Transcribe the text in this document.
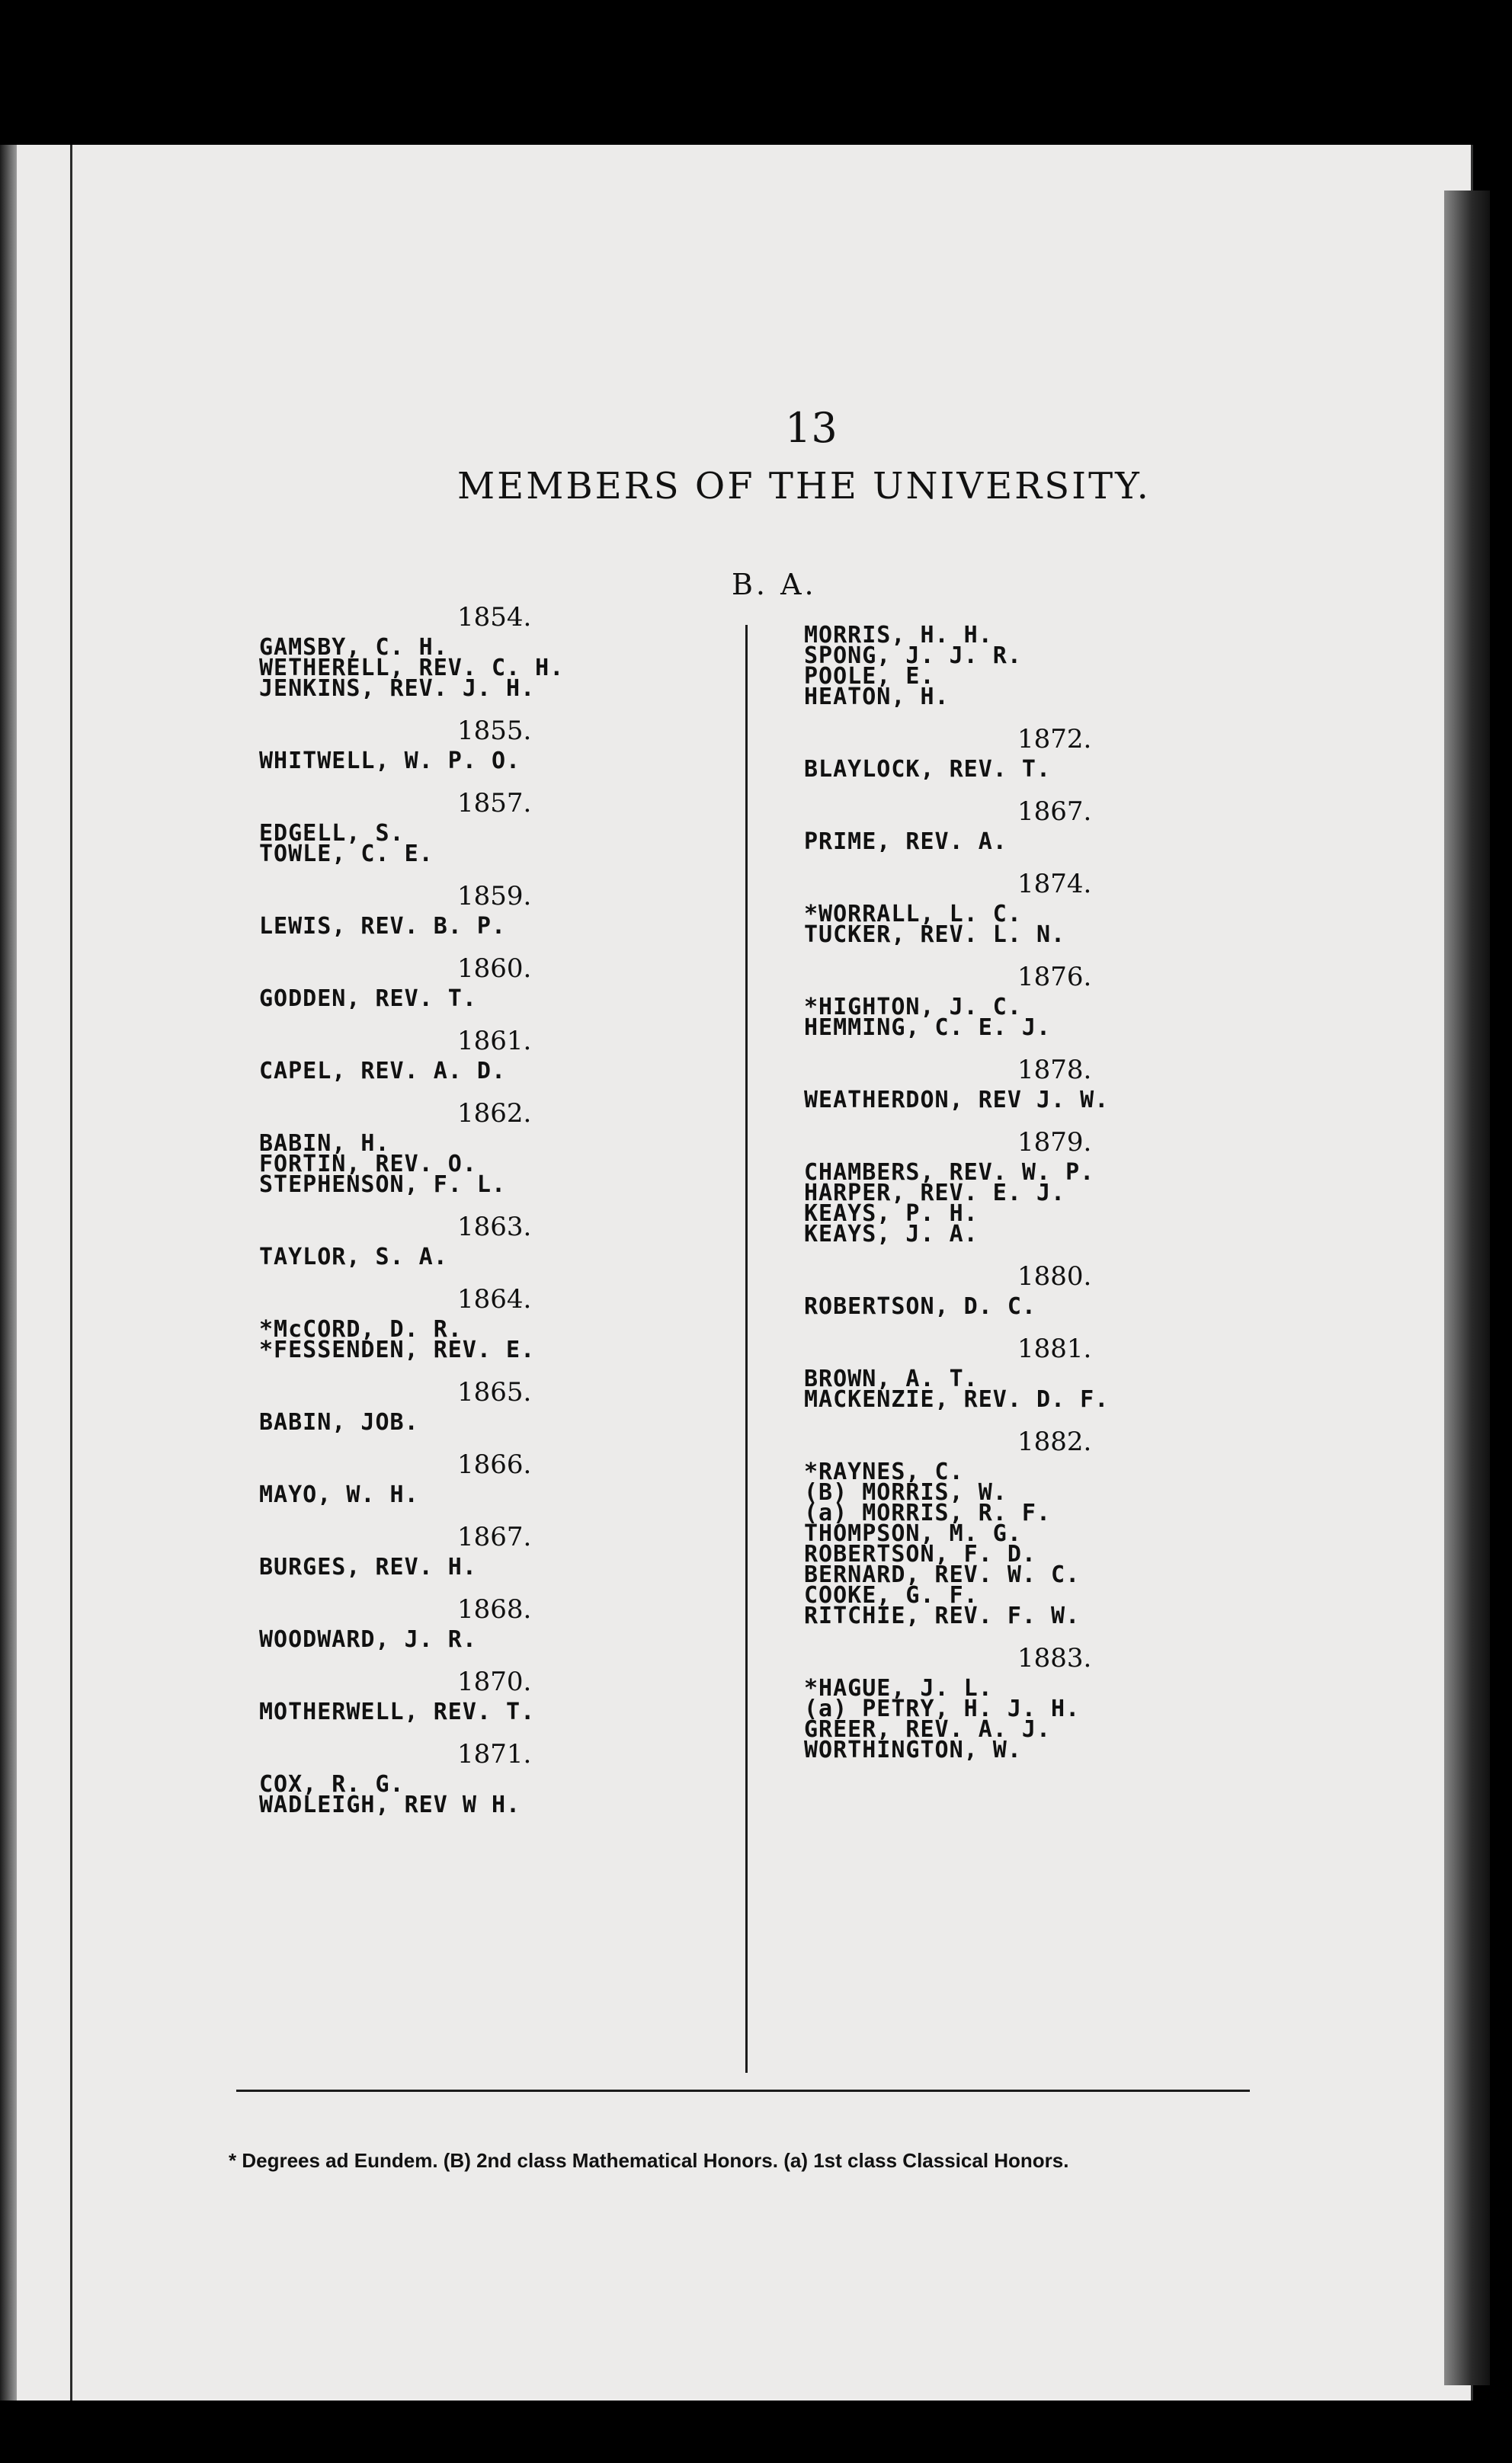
13
MEMBERS OF THE UNIVERSITY.
B. A.
1854.
GAMSBY, C. H.
WETHERELL, REV. C. H.
JENKINS, REV. J. H.
1855.
WHITWELL, W. P. O.
1857.
EDGELL, S.
TOWLE, C. E.
1859.
LEWIS, REV. B. P.
1860.
GODDEN, REV. T.
1861.
CAPEL, REV. A. D.
1862.
BABIN, H.
FORTIN, REV. O.
STEPHENSON, F. L.
1863.
TAYLOR, S. A.
1864.
*McCORD, D. R.
*FESSENDEN, REV. E.
1865.
BABIN, JOB.
1866.
MAYO, W. H.
1867.
BURGES, REV. H.
1868.
WOODWARD, J. R.
1870.
MOTHERWELL, REV. T.
1871.
COX, R. G.
WADLEIGH, REV W H.
MORRIS, H. H.
SPONG, J. J. R.
POOLE, E.
HEATON, H.
1872.
BLAYLOCK, REV. T.
1867.
PRIME, REV. A.
1874.
*WORRALL, L. C.
TUCKER, REV. L. N.
1876.
*HIGHTON, J. C.
HEMMING, C. E. J.
1878.
WEATHERDON, REV J. W.
1879.
CHAMBERS, REV. W. P.
HARPER, REV. E. J.
KEAYS, P. H.
KEAYS, J. A.
1880.
ROBERTSON, D. C.
1881.
BROWN, A. T.
MACKENZIE, REV. D. F.
1882.
*RAYNES, C.
(B) MORRIS, W.
(a) MORRIS, R. F.
THOMPSON, M. G.
ROBERTSON, F. D.
BERNARD, REV. W. C.
COOKE, G. F.
RITCHIE, REV. F. W.
1883.
*HAGUE, J. L.
(a) PETRY, H. J. H.
GREER, REV. A. J.
WORTHINGTON, W.
* Degrees ad Eundem. (B) 2nd class Mathematical Honors. (a) 1st class Classical Honors.
